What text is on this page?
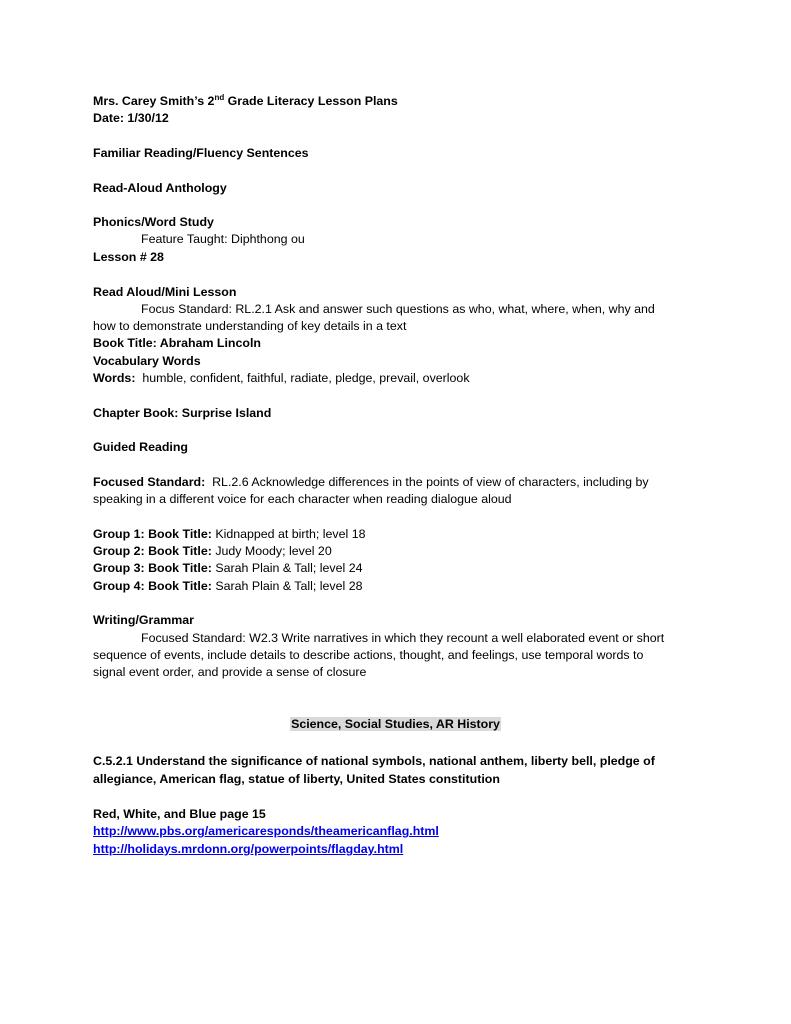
Mrs. Carey Smith’s 2nd Grade Literacy Lesson Plans
Date: 1/30/12
Familiar Reading/Fluency Sentences
Read-Aloud Anthology
Phonics/Word Study
Feature Taught: Diphthong ou
Lesson # 28
Read Aloud/Mini Lesson
Focus Standard: RL.2.1 Ask and answer such questions as who, what, where, when, why and
how to demonstrate understanding of key details in a text
Book Title: Abraham Lincoln
Vocabulary Words
Words:  humble, confident, faithful, radiate, pledge, prevail, overlook
Chapter Book: Surprise Island
Guided Reading
Focused Standard:  RL.2.6 Acknowledge differences in the points of view of characters, including by
speaking in a different voice for each character when reading dialogue aloud
Group 1: Book Title: Kidnapped at birth; level 18
Group 2: Book Title: Judy Moody; level 20
Group 3: Book Title: Sarah Plain & Tall; level 24
Group 4: Book Title: Sarah Plain & Tall; level 28
Writing/Grammar
Focused Standard: W2.3 Write narratives in which they recount a well elaborated event or short
sequence of events, include details to describe actions, thought, and feelings, use temporal words to
signal event order, and provide a sense of closure
Science, Social Studies, AR History
C.5.2.1 Understand the significance of national symbols, national anthem, liberty bell, pledge of
allegiance, American flag, statue of liberty, United States constitution
Red, White, and Blue page 15
http://www.pbs.org/americaresponds/theamericanflag.html
http://holidays.mrdonn.org/powerpoints/flagday.html
